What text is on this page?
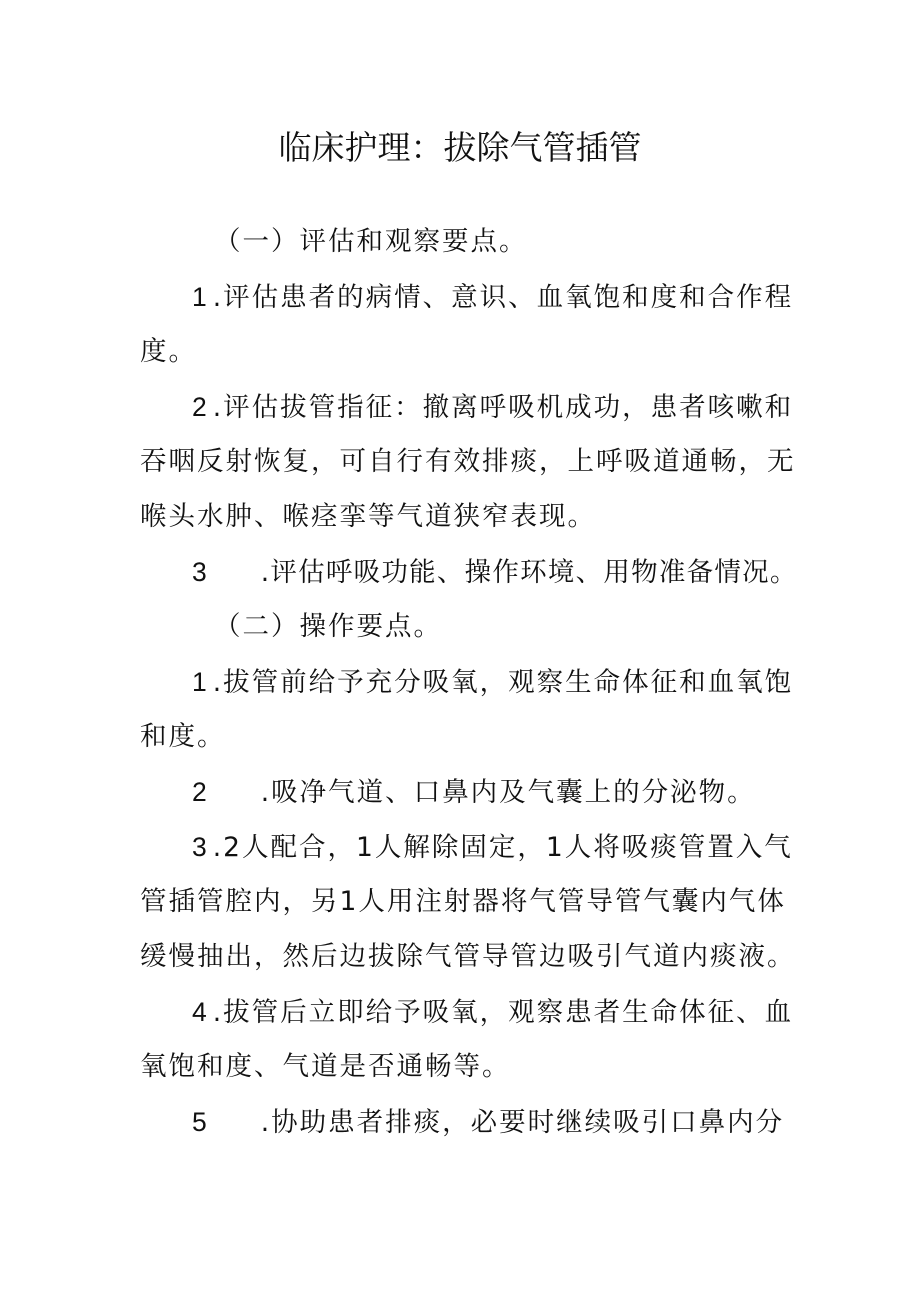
临床护理：拔除气管插管

（一）评估和观察要点。

1 .评估患者的病情、意识、血氧饱和度和合作程

度。

2 .评估拔管指征：撤离呼吸机成功，患者咳嗽和

吞咽反射恢复，可自行有效排痰，上呼吸道通畅，无

喉头水肿、喉痉挛等气道狭窄表现。

3 .评估呼吸功能、操作环境、用物准备情况。

（二）操作要点。

1 .拔管前给予充分吸氧，观察生命体征和血氧饱

和度。

2 .吸净气道、口鼻内及气囊上的分泌物。

3 .2人配合，1人解除固定，1人将吸痰管置入气

管插管腔内，另1人用注射器将气管导管气囊内气体

缓慢抽出，然后边拔除气管导管边吸引气道内痰液。

4 .拔管后立即给予吸氧，观察患者生命体征、血

氧饱和度、气道是否通畅等。

5 .协助患者排痰，必要时继续吸引口鼻内分
